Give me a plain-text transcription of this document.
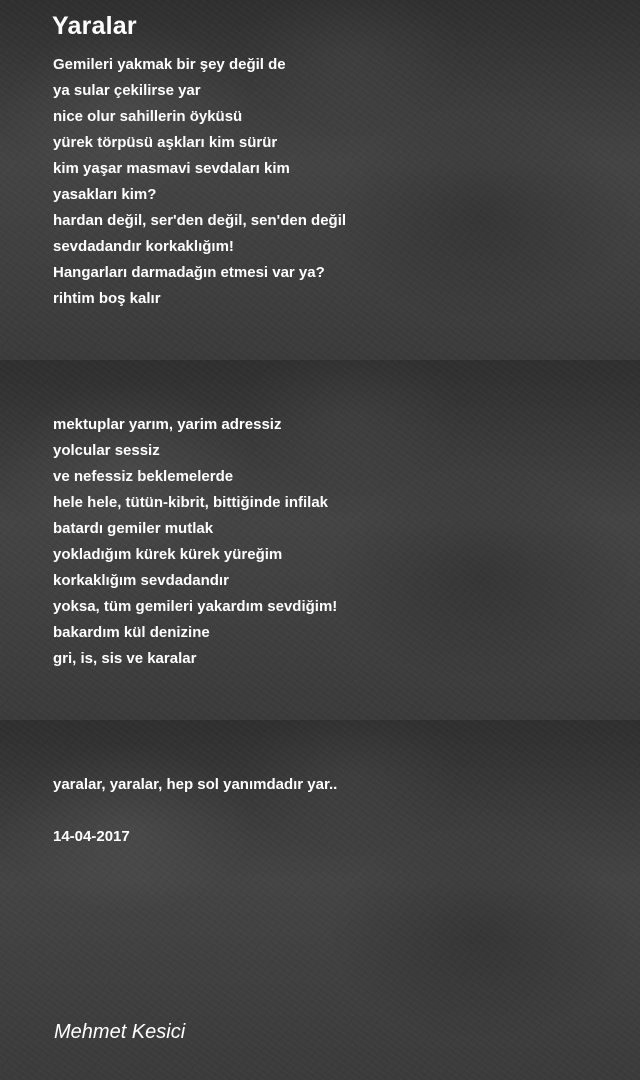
Yaralar
Gemileri yakmak bir şey değil de
ya sular çekilirse yar
nice olur sahillerin öyküsü
yürek törpüsü aşkları kim sürür
kim yaşar masmavi sevdaları kim
yasakları kim?
hardan değil, ser'den değil, sen'den değil
sevdadandır korkaklığım!
Hangarları darmadağın etmesi var ya?
rihtim boş kalır
mektuplar yarım, yarim adressiz
yolcular sessiz
ve nefessiz beklemelerde
hele hele, tütün-kibrit, bittiğinde infilak
batardı gemiler mutlak
yokladığım kürek kürek yüreğim
korkaklığım sevdadandır
yoksa, tüm gemileri yakardım sevdiğim!
bakardım kül denizine
gri, is, sis ve karalar
yaralar, yaralar, hep sol yanımdadır yar..
14-04-2017
Mehmet Kesici
